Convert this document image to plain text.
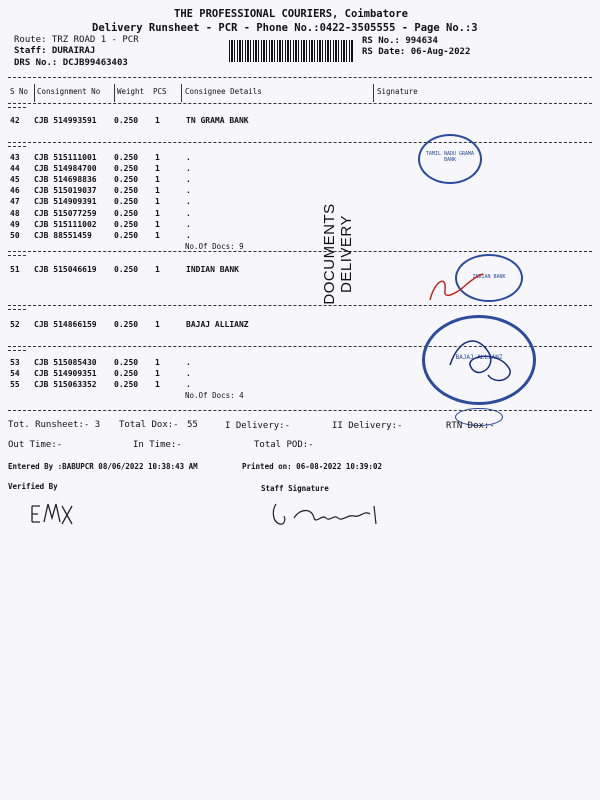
THE PROFESSIONAL COURIERS, Coimbatore
Delivery Runsheet - PCR - Phone No.:0422-3505555 - Page No.:3
Route: TRZ ROAD 1 - PCR
Staff: DURAIRAJ
DRS No.: DCJB99463403
RS No.: 994634
RS Date: 06-Aug-2022
S No Consignment No Weight PCS Consignee Details	Signature
42 CJB 514993591 0.250 1	TN GRAMA BANK
43 CJB 515111001 0.250 1	.
44 CJB 514984700 0.250 1	.
45 CJB 514698836 0.250 1	.
46 CJB 515019037 0.250 1	.
47 CJB 514909391 0.250 1	.
48 CJB 515077259 0.250 1	.
49 CJB 515111002 0.250 1	.
50 CJB 88551459	0.250 1	.
No.Of Docs: 9
51 CJB 515046619 0.250 1	INDIAN BANK
52 CJB 514866159 0.250 1	BAJAJ ALLIANZ
53 CJB 515085430 0.250 1	.
54 CJB 514909351 0.250 1	.
55 CJB 515063352 0.250 1	.
No.Of Docs: 4
DOCUMENTS DELIVERY
TAMIL NADU GRAMA BANK
INDIAN BANK
BAJAJ ALLIANZ
Tot. Runsheet:- 3 Total Dox:- 55	I Delivery:-	II Delivery:-	RTN Dox:-
Out Time:-	In Time:-	Total POD:-
Entered By :BABUPCR 08/06/2022 10:38:43 AM	Printed on: 06-08-2022 10:39:02
Verified By	Staff Signature
